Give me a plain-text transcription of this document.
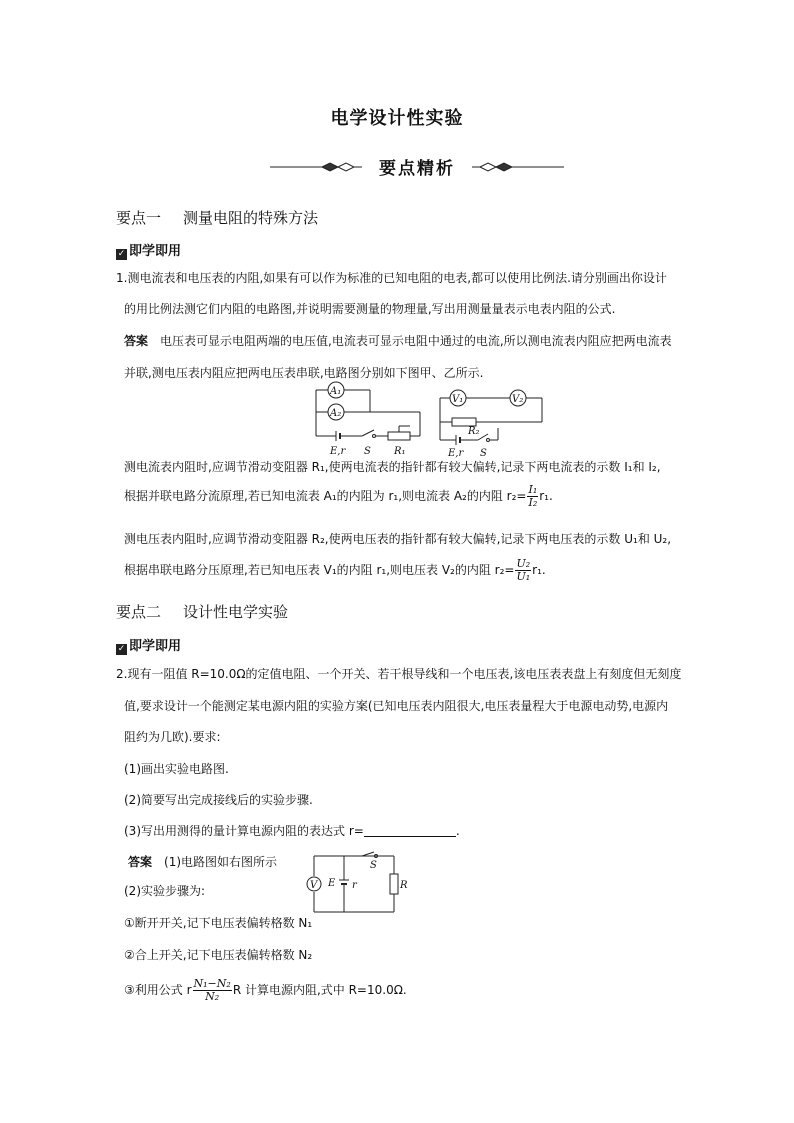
电学设计性实验
要点精析
要点一 测量电阻的特殊方法
✓ 即学即用
1.测电流表和电压表的内阻,如果有可以作为标准的已知电阻的电表,都可以使用比例法.请分别画出你设计
的用比例法测它们内阻的电路图,并说明需要测量的物理量,写出用测量量表示电表内阻的公式.
答案 电压表可显示电阻两端的电压值,电流表可显示电阻中通过的电流,所以测电流表内阻应把两电流表
并联,测电压表内阻应把两电压表串联,电路图分别如下图甲、乙所示.
A₁
A₂
E,r S R₁
V₁	V₂
R₂
E,r S
测电流表内阻时,应调节滑动变阻器 R₁,使两电流表的指针都有较大偏转,记录下两电流表的示数 I₁和 I₂,
根据并联电路分流原理,若已知电流表 A₁的内阻为 r₁,则电流表 A₂的内阻 $r_2= \frac{\text{I₁}}{\text{I₂}} r_1$.
测电压表内阻时,应调节滑动变阻器 R₂,使两电压表的指针都有较大偏转,记录下两电压表的示数 U₁和 U₂,
根据串联电路分压原理,若已知电压表 V₁的内阻 r₁,则电压表 V₂的内阻 $r_2= \frac{\text{U₂}}{\text{U₁}} r_1$.
要点二 设计性电学实验
✓ 即学即用
2.现有一阻值 R=10.0Ω的定值电阻、一个开关、若干根导线和一个电压表,该电压表表盘上有刻度但无刻度
值,要求设计一个能测定某电源内阻的实验方案(已知电压表内阻很大,电压表量程大于电源电动势,电源内
阻约为几欧).要求:
(1)画出实验电路图.
(2)简要写出完成接线后的实验步骤.
(3)写出用测得的量计算电源内阻的表达式 r=	.
答案 (1)电路图如右图所示
V E r
S
R
(2)实验步骤为:
①断开开关,记下电压表偏转格数 N₁
②合上开关,记下电压表偏转格数 N₂
③利用公式 r $\frac{\text{N₁−N₂}}{\text{N₂}}$ R 计算电源内阻,式中 R=10.0Ω.
